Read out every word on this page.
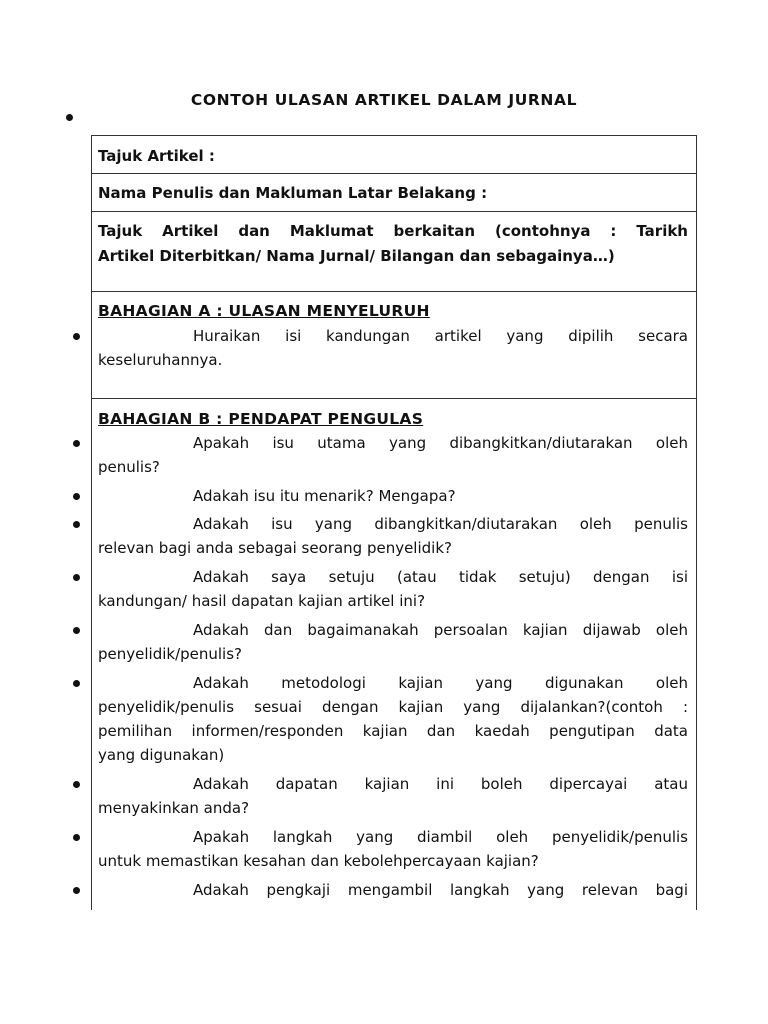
CONTOH ULASAN ARTIKEL DALAM JURNAL
Tajuk Artikel :
Nama Penulis dan Makluman Latar Belakang :
Tajuk Artikel dan Maklumat berkaitan (contohnya : Tarikh
Artikel Diterbitkan/ Nama Jurnal/ Bilangan dan sebagainya…)
BAHAGIAN A : ULASAN MENYELURUH
Huraikan isi kandungan artikel yang dipilih secara
keseluruhannya.
BAHAGIAN B : PENDAPAT PENGULAS
Apakah isu utama yang dibangkitkan/diutarakan oleh
penulis?
Adakah isu itu menarik? Mengapa?
Adakah isu yang dibangkitkan/diutarakan oleh penulis
relevan bagi anda sebagai seorang penyelidik?
Adakah saya setuju (atau tidak setuju) dengan isi
kandungan/ hasil dapatan kajian artikel ini?
Adakah dan bagaimanakah persoalan kajian dijawab oleh
penyelidik/penulis?
Adakah metodologi kajian yang digunakan oleh
penyelidik/penulis sesuai dengan kajian yang dijalankan?(contoh :
pemilihan informen/responden kajian dan kaedah pengutipan data
yang digunakan)
Adakah dapatan kajian ini boleh dipercayai atau
menyakinkan anda?
Apakah langkah yang diambil oleh penyelidik/penulis
untuk memastikan kesahan dan kebolehpercayaan kajian?
Adakah pengkaji mengambil langkah yang relevan bagi
